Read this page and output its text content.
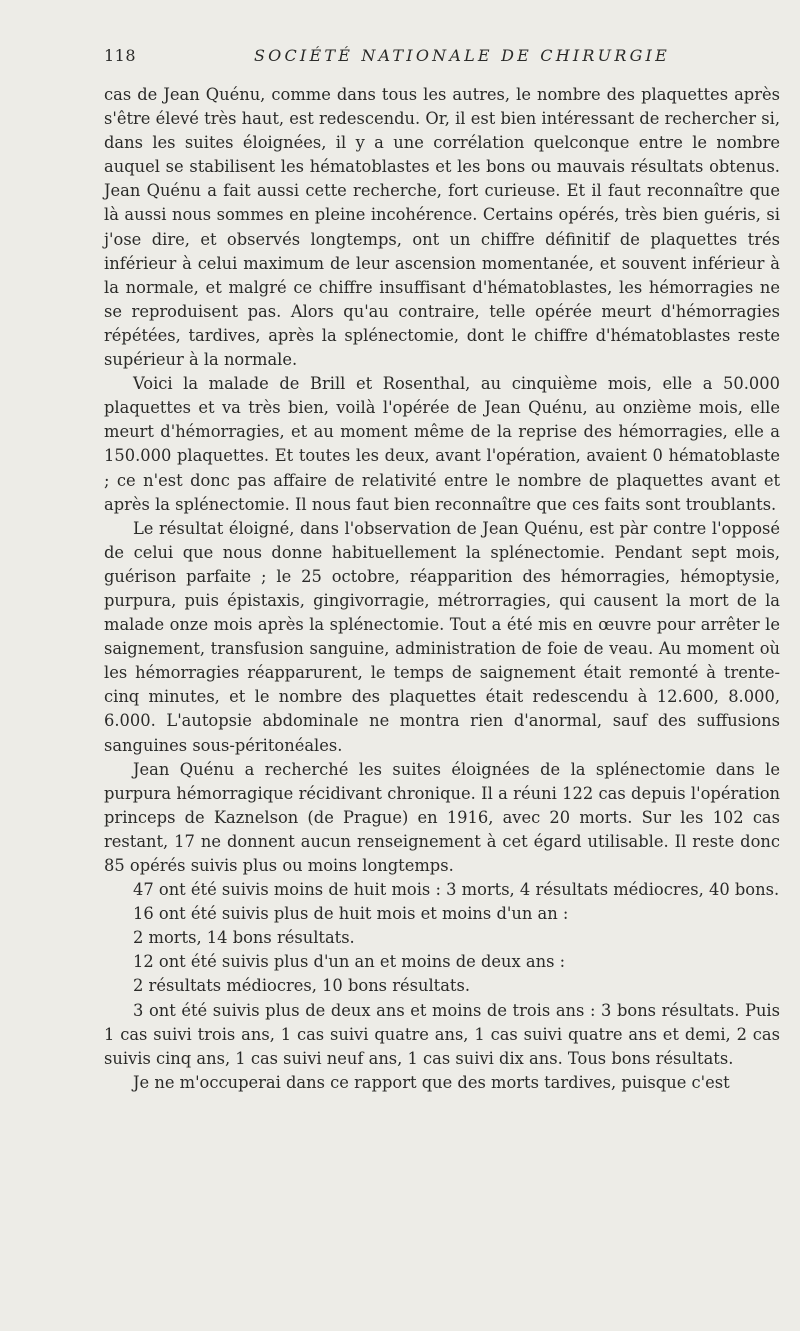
118	SOCIÉTÉ NATIONALE DE CHIRURGIE

cas de Jean Quénu, comme dans tous les autres, le nombre des plaquettes après s'être élevé très haut, est redescendu. Or, il est bien intéressant de rechercher si, dans les suites éloignées, il y a une corrélation quelconque entre le nombre auquel se stabilisent les hématoblastes et les bons ou mauvais résultats obtenus. Jean Quénu a fait aussi cette recherche, fort curieuse. Et il faut reconnaître que là aussi nous sommes en pleine incohérence. Certains opérés, très bien guéris, si j'ose dire, et observés longtemps, ont un chiffre définitif de plaquettes trés inférieur à celui maximum de leur ascension momentanée, et souvent inférieur à la normale, et malgré ce chiffre insuffisant d'hématoblastes, les hémorragies ne se reproduisent pas. Alors qu'au contraire, telle opérée meurt d'hémorragies répétées, tardives, après la splénectomie, dont le chiffre d'hématoblastes reste supérieur à la normale.

Voici la malade de Brill et Rosenthal, au cinquième mois, elle a 50.000 plaquettes et va très bien, voilà l'opérée de Jean Quénu, au onzième mois, elle meurt d'hémorragies, et au moment même de la reprise des hémorragies, elle a 150.000 plaquettes. Et toutes les deux, avant l'opération, avaient 0 hématoblaste ; ce n'est donc pas affaire de relativité entre le nombre de plaquettes avant et après la splénectomie. Il nous faut bien reconnaître que ces faits sont troublants.

Le résultat éloigné, dans l'observation de Jean Quénu, est pàr contre l'opposé de celui que nous donne habituellement la splénectomie. Pendant sept mois, guérison parfaite ; le 25 octobre, réapparition des hémorragies, hémoptysie, purpura, puis épistaxis, gingivorragie, métrorragies, qui causent la mort de la malade onze mois après la splénectomie. Tout a été mis en œuvre pour arrêter le saignement, transfusion sanguine, administration de foie de veau. Au moment où les hémorragies réapparurent, le temps de saignement était remonté à trente-cinq minutes, et le nombre des plaquettes était redescendu à 12.600, 8.000, 6.000. L'autopsie abdominale ne montra rien d'anormal, sauf des suffusions sanguines sous-péritonéales.

Jean Quénu a recherché les suites éloignées de la splénectomie dans le purpura hémorragique récidivant chronique. Il a réuni 122 cas depuis l'opération princeps de Kaznelson (de Prague) en 1916, avec 20 morts. Sur les 102 cas restant, 17 ne donnent aucun renseignement à cet égard utilisable. Il reste donc 85 opérés suivis plus ou moins longtemps.

47 ont été suivis moins de huit mois : 3 morts, 4 résultats médiocres, 40 bons.

16 ont été suivis plus de huit mois et moins d'un an :

2 morts, 14 bons résultats.

12 ont été suivis plus d'un an et moins de deux ans :

2 résultats médiocres, 10 bons résultats.

3 ont été suivis plus de deux ans et moins de trois ans : 3 bons résultats. Puis 1 cas suivi trois ans, 1 cas suivi quatre ans, 1 cas suivi quatre ans et demi, 2 cas suivis cinq ans, 1 cas suivi neuf ans, 1 cas suivi dix ans. Tous bons résultats.

Je ne m'occuperai dans ce rapport que des morts tardives, puisque c'est
